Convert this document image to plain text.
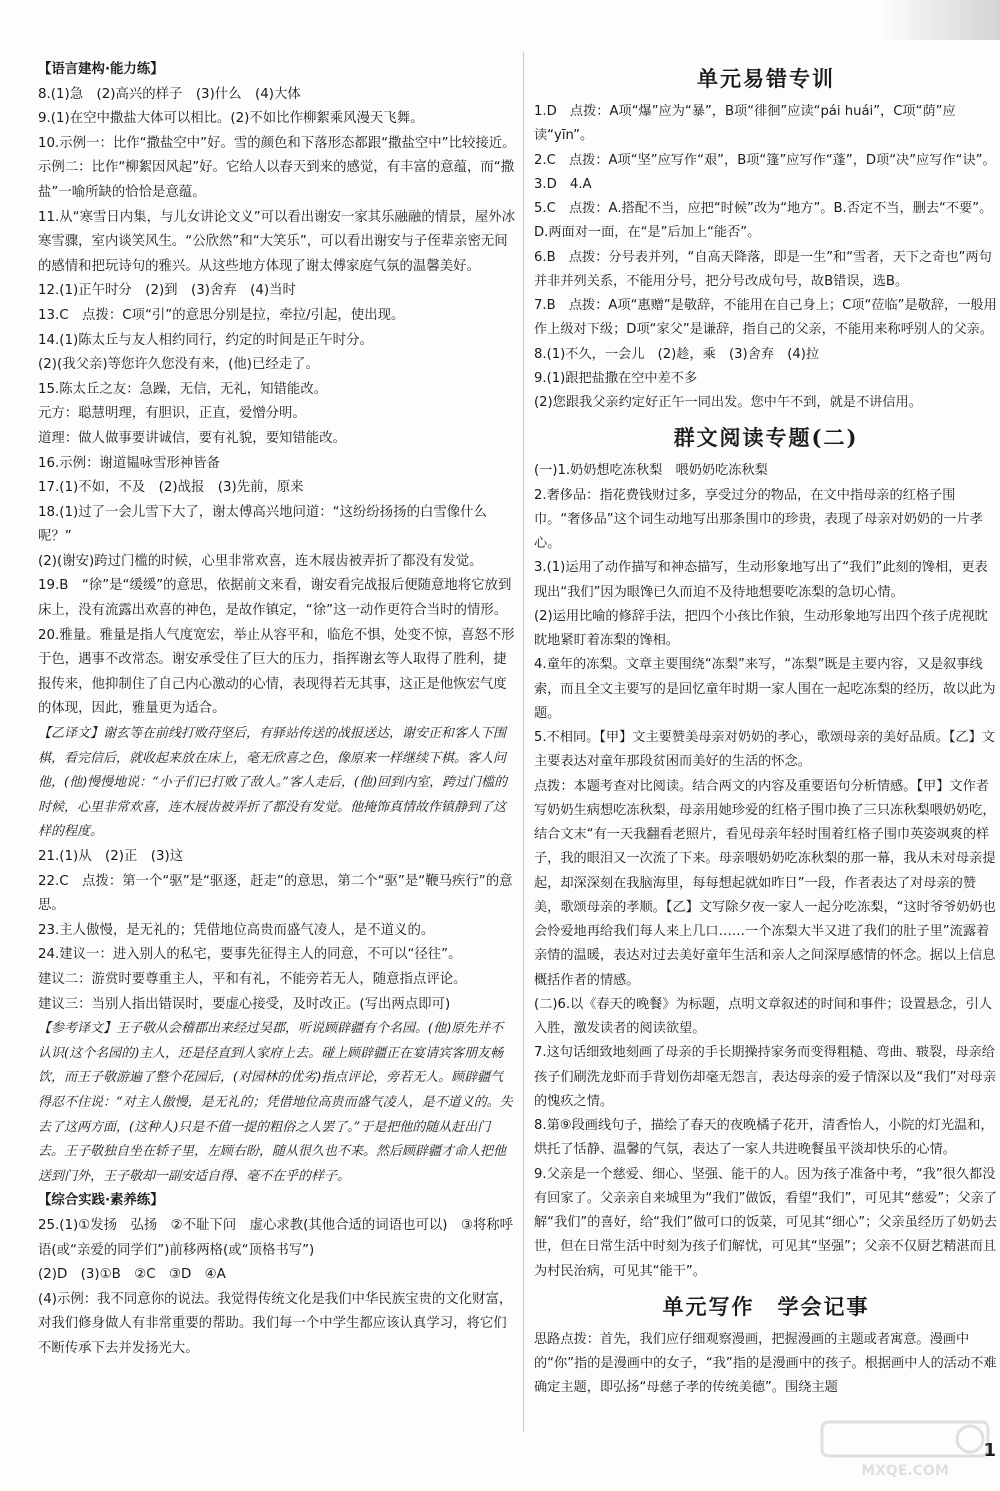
【语言建构·能力练】
8.(1)急　(2)高兴的样子　(3)什么　(4)大体
9.(1)在空中撒盐大体可以相比。(2)不如比作柳絮乘风漫天飞舞。
10.示例一：比作“撒盐空中”好。雪的颜色和下落形态都跟“撒盐空中”比较接近。
示例二：比作“柳絮因风起”好。它给人以春天到来的感觉，有丰富的意蕴，而“撒盐”一喻所缺的恰恰是意蕴。
11.从“寒雪日内集，与儿女讲论文义”可以看出谢安一家其乐融融的情景，屋外冰寒雪骤，室内谈笑风生。“公欣然”和“大笑乐”，可以看出谢安与子侄辈亲密无间的感情和把玩诗句的雅兴。从这些地方体现了谢太傅家庭气氛的温馨美好。
12.(1)正午时分　(2)到　(3)舍弃　(4)当时
13.C　点拨：C项“引”的意思分别是拉，牵拉/引起，使出现。
14.(1)陈太丘与友人相约同行，约定的时间是正午时分。
(2)(我父亲)等您许久您没有来，(他)已经走了。
15.陈太丘之友：急躁，无信，无礼，知错能改。
元方：聪慧明理，有胆识，正直，爱憎分明。
道理：做人做事要讲诚信，要有礼貌，要知错能改。
16.示例：谢道韫咏雪形神皆备
17.(1)不如，不及　(2)战报　(3)先前，原来
18.(1)过了一会儿雪下大了，谢太傅高兴地问道：“这纷纷扬扬的白雪像什么呢？”
(2)(谢安)跨过门槛的时候，心里非常欢喜，连木屐齿被弄折了都没有发觉。
19.B　“徐”是“缓缓”的意思，依据前文来看，谢安看完战报后便随意地将它放到床上，没有流露出欢喜的神色，是故作镇定，“徐”这一动作更符合当时的情形。
20.雅量。雅量是指人气度宽宏，举止从容平和，临危不惧，处变不惊，喜怒不形于色，遇事不改常态。谢安承受住了巨大的压力，指挥谢玄等人取得了胜利，捷报传来，他抑制住了自己内心激动的心情，表现得若无其事，这正是他恢宏气度的体现，因此，雅量更为适合。
【乙译文】谢玄等在前线打败苻坚后，有驿站传送的战报送达，谢安正和客人下围棋，看完信后，就收起来放在床上，毫无欣喜之色，像原来一样继续下棋。客人问他，(他)慢慢地说：“小子们已打败了敌人。”客人走后，(他)回到内室，跨过门槛的时候，心里非常欢喜，连木屐齿被弄折了都没有发觉。他掩饰真情故作镇静到了这样的程度。
21.(1)从　(2)正　(3)这
22.C　点拨：第一个“驱”是“驱逐，赶走”的意思，第二个“驱”是“鞭马疾行”的意思。
23.主人傲慢，是无礼的；凭借地位高贵而盛气凌人，是不道义的。
24.建议一：进入别人的私宅，要事先征得主人的同意，不可以“径往”。
建议二：游赏时要尊重主人，平和有礼，不能旁若无人，随意指点评论。
建议三：当别人指出错误时，要虚心接受，及时改正。(写出两点即可)
【参考译文】王子敬从会稽郡出来经过吴郡，听说顾辟疆有个名园。(他)原先并不认识(这个名园的)主人，还是径直到人家府上去。碰上顾辟疆正在宴请宾客朋友畅饮，而王子敬游遍了整个花园后，(对园林的优劣)指点评论，旁若无人。顾辟疆气得忍不住说：“对主人傲慢，是无礼的；凭借地位高贵而盛气凌人，是不道义的。失去了这两方面，(这种人)只是不值一提的粗俗之人罢了。”于是把他的随从赶出门去。王子敬独自坐在轿子里，左顾右盼，随从很久也不来。然后顾辟疆才命人把他送到门外，王子敬却一副安适自得、毫不在乎的样子。
【综合实践·素养练】
25.(1)①发扬　弘扬　②不耻下问　虚心求教(其他合适的词语也可以)　③将称呼语(或“亲爱的同学们”)前移两格(或“顶格书写”)
(2)D　(3)①B　②C　③D　④A
(4)示例：我不同意你的说法。我觉得传统文化是我们中华民族宝贵的文化财富，对我们修身做人有非常重要的帮助。我们每一个中学生都应该认真学习，将它们不断传承下去并发扬光大。
单元易错专训
1.D　点拨：A项“爆”应为“暴”，B项“徘徊”应读“pái huái”，C项“荫”应读“yīn”。
2.C　点拨：A项“坚”应写作“艰”，B项“篷”应写作“蓬”，D项“决”应写作“诀”。
3.D　4.A
5.C　点拨：A.搭配不当，应把“时候”改为“地方”。B.否定不当，删去“不要”。D.两面对一面，在“是”后加上“能否”。
6.B　点拨：分号表并列，“自高天降落，即是一生”和“雪者，天下之奇也”两句并非并列关系，不能用分号，把分号改成句号，故B错误，选B。
7.B　点拨：A项“惠赠”是敬辞，不能用在自己身上；C项“莅临”是敬辞，一般用作上级对下级；D项“家父”是谦辞，指自己的父亲，不能用来称呼别人的父亲。
8.(1)不久，一会儿　(2)趁，乘　(3)舍弃　(4)拉
9.(1)跟把盐撒在空中差不多
(2)您跟我父亲约定好正午一同出发。您中午不到，就是不讲信用。
群文阅读专题(二)
(一)1.奶奶想吃冻秋梨　喂奶奶吃冻秋梨
2.奢侈品：指花费钱财过多，享受过分的物品，在文中指母亲的红格子围巾。“奢侈品”这个词生动地写出那条围巾的珍贵，表现了母亲对奶奶的一片孝心。
3.(1)运用了动作描写和神态描写，生动形象地写出了“我们”此刻的馋相，更表现出“我们”因为眼馋已久而迫不及待地想要吃冻梨的急切心情。
(2)运用比喻的修辞手法，把四个小孩比作狼，生动形象地写出四个孩子虎视眈眈地紧盯着冻梨的馋相。
4.童年的冻梨。文章主要围绕“冻梨”来写，“冻梨”既是主要内容，又是叙事线索，而且全文主要写的是回忆童年时期一家人围在一起吃冻梨的经历，故以此为题。
5.不相同。【甲】文主要赞美母亲对奶奶的孝心，歌颂母亲的美好品质。【乙】文主要表达对童年那段贫困而美好的生活的怀念。
点拨：本题考查对比阅读。结合两文的内容及重要语句分析情感。【甲】文作者写奶奶生病想吃冻秋梨，母亲用她珍爱的红格子围巾换了三只冻秋梨喂奶奶吃，结合文末“有一天我翻看老照片，看见母亲年轻时围着红格子围巾英姿飒爽的样子，我的眼泪又一次流了下来。母亲喂奶奶吃冻秋梨的那一幕，我从未对母亲提起，却深深刻在我脑海里，每每想起就如昨日”一段，作者表达了对母亲的赞美，歌颂母亲的孝顺。【乙】文写除夕夜一家人一起分吃冻梨，“这时爷爷奶奶也会怜爱地再给我们每人来上几口……一个冻梨大半又进了我们的肚子里”流露着亲情的温暖，表达对过去美好童年生活和亲人之间深厚感情的怀念。据以上信息概括作者的情感。
(二)6.以《春天的晚餐》为标题，点明文章叙述的时间和事件；设置悬念，引人入胜，激发读者的阅读欲望。
7.这句话细致地刻画了母亲的手长期操持家务而变得粗糙、弯曲、皲裂，母亲给孩子们刷洗龙虾而手背划伤却毫无怨言，表达母亲的爱子情深以及“我们”对母亲的愧疚之情。
8.第⑨段画线句子，描绘了春天的夜晚橘子花开，清香怡人，小院的灯光温和，烘托了恬静、温馨的气氛，表达了一家人共进晚餐虽平淡却快乐的心情。
9.父亲是一个慈爱、细心、坚强、能干的人。因为孩子准备中考，“我”很久都没有回家了。父亲亲自来城里为“我们”做饭，看望“我们”，可见其“慈爱”；父亲了解“我们”的喜好，给“我们”做可口的饭菜，可见其“细心”；父亲虽经历了奶奶去世，但在日常生活中时刻为孩子们解忧，可见其“坚强”；父亲不仅厨艺精湛而且为村民治病，可见其“能干”。
单元写作　学会记事
思路点拨：首先，我们应仔细观察漫画，把握漫画的主题或者寓意。漫画中的“你”指的是漫画中的女子，“我”指的是漫画中的孩子。根据画中人的活动不难确定主题，即弘扬“母慈子孝的传统美德”。围绕主题
1
MXQE.COM
